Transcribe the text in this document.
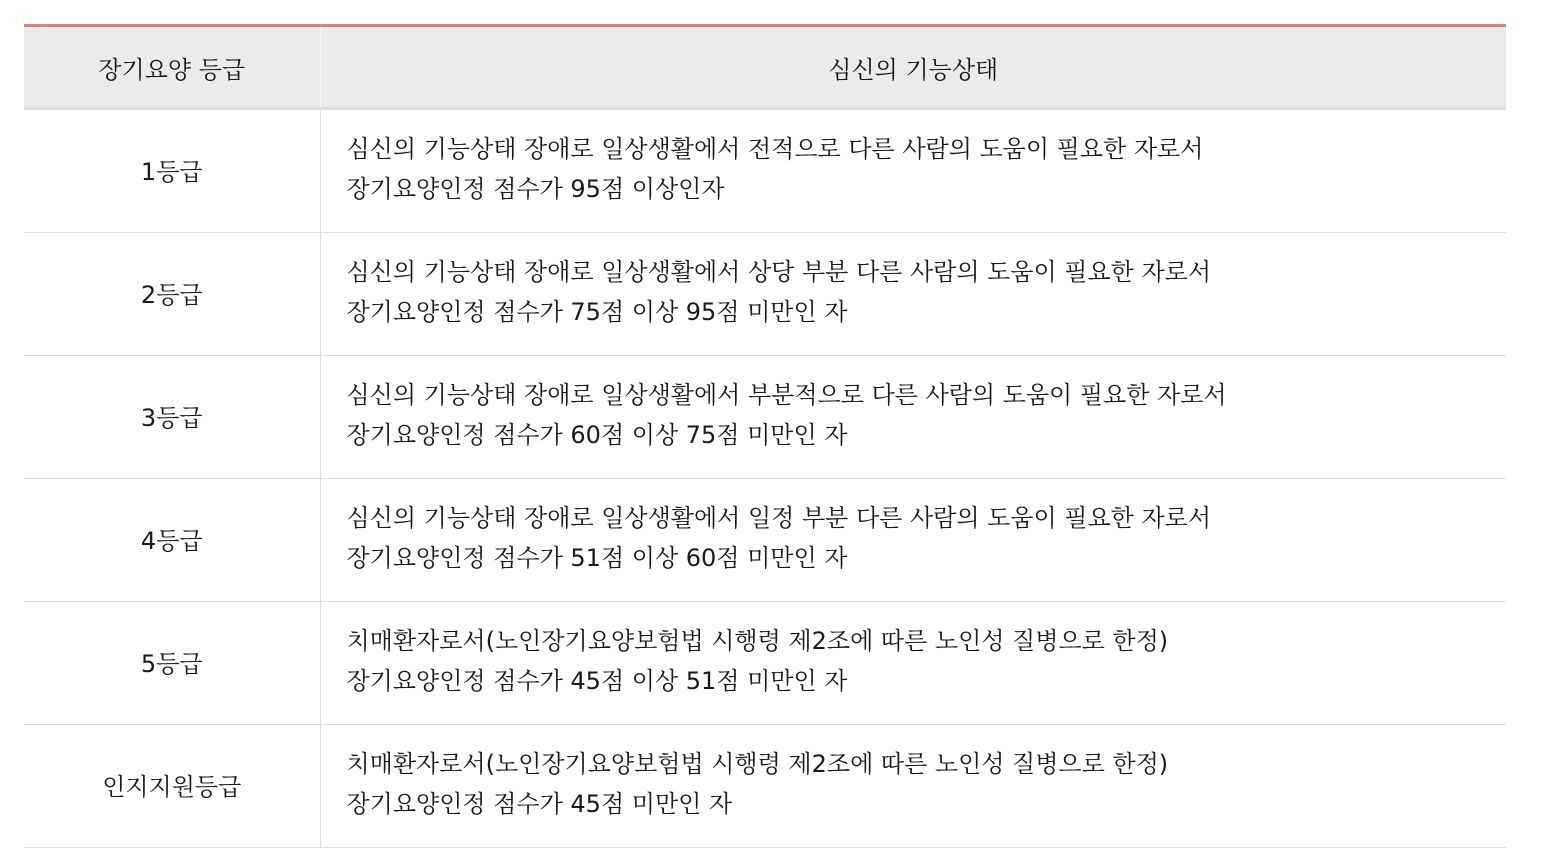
장기요양 등급	심신의 기능상태
1등급	심신의 기능상태 장애로 일상생활에서 전적으로 다른 사람의 도움이 필요한 자로서
장기요양인정 점수가 95점 이상인자

2등급	심신의 기능상태 장애로 일상생활에서 상당 부분 다른 사람의 도움이 필요한 자로서
장기요양인정 점수가 75점 이상 95점 미만인 자

3등급	심신의 기능상태 장애로 일상생활에서 부분적으로 다른 사람의 도움이 필요한 자로서
장기요양인정 점수가 60점 이상 75점 미만인 자

4등급	심신의 기능상태 장애로 일상생활에서 일정 부분 다른 사람의 도움이 필요한 자로서
장기요양인정 점수가 51점 이상 60점 미만인 자

5등급	치매환자로서(노인장기요양보험법 시행령 제2조에 따른 노인성 질병으로 한정)
장기요양인정 점수가 45점 이상 51점 미만인 자

인지지원등급	치매환자로서(노인장기요양보험법 시행령 제2조에 따른 노인성 질병으로 한정)
장기요양인정 점수가 45점 미만인 자
